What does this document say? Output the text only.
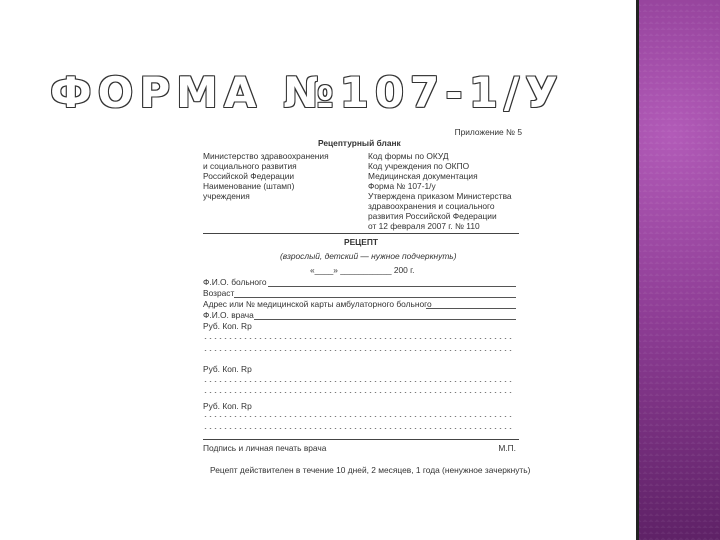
ФОРМА №107-1/У
Приложение № 5
Рецептурный бланк
Министерство здравоохранения
и социального развития
Российской Федерации
Наименование (штамп)
учреждения
Код формы по ОКУД
Код учреждения по ОКПО
Медицинская документация
Форма № 107-1/у
Утверждена приказом Министерства
здравоохранения и социального
развития Российской Федерации
от 12 февраля 2007 г. № 110
РЕЦЕПТ
(взрослый, детский — нужное подчеркнуть)
«____» ___________ 200 г.
Ф.И.О. больного
Возраст
Адрес или № медицинской карты амбулаторного больного
Ф.И.О. врача
Руб. Коп. Rp
Руб. Коп. Rp
Руб. Коп. Rp
Подпись и личная печать врача	М.П.
Рецепт действителен в течение 10 дней, 2 месяцев, 1 года (ненужное зачеркнуть)
